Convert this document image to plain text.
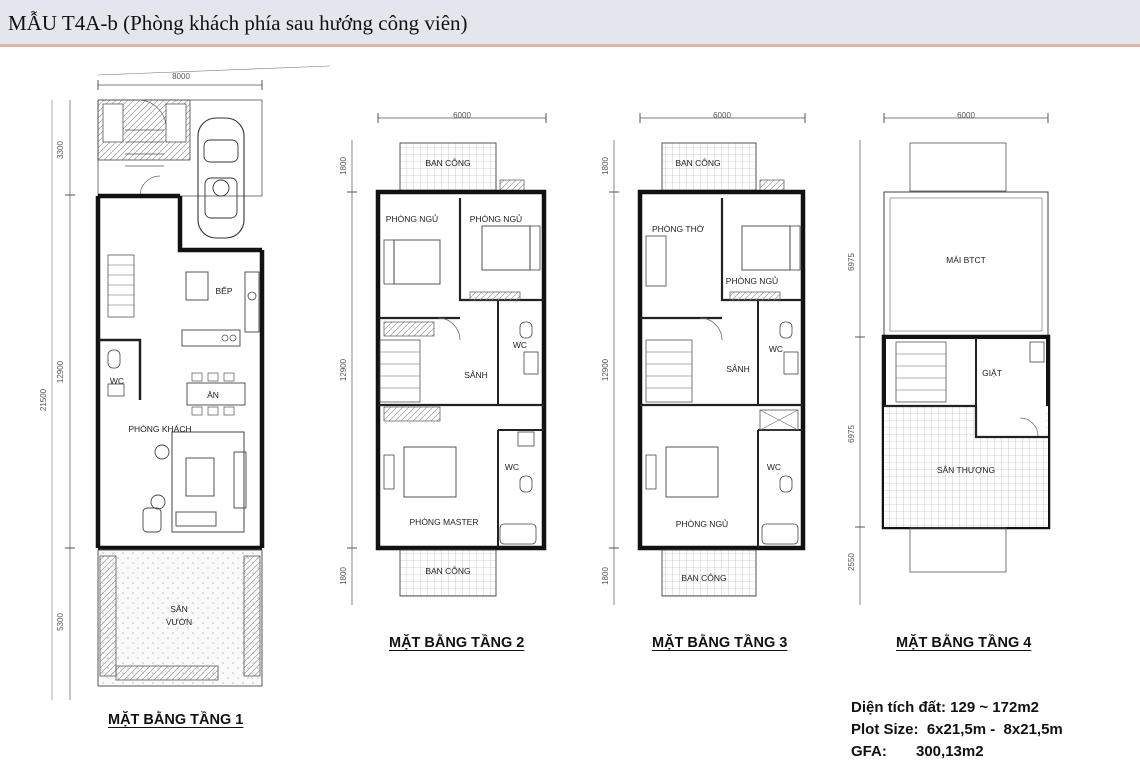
MẪU T4A-b (Phòng khách phía sau hướng công viên)
8000
3300
12900
21500
5300
BẾP
WC
ĂN
PHÒNG KHÁCH
SÂN
VƯỜN
6000
1800
12900
1800
BAN CÔNG
PHÒNG NGỦ	PHÒNG NGỦ
WC
SẢNH
WC
PHÒNG MASTER
BAN CÔNG
6000
1800
12900
1800
BAN CÔNG
PHÒNG THỜ
PHÒNG NGỦ
WC
SẢNH
WC
PHÒNG NGỦ
BAN CÔNG
6000
6975
6975
2550
MÁI BTCT
GIẶT
SÂN THƯỢNG
MẶT BẰNG TẦNG 1
MẶT BẰNG TẦNG 2	MẶT BẰNG TẦNG 3	MẶT BẰNG TẦNG 4
Diện tích đất: 129 ~ 172m2
Plot Size:  6x21,5m -  8x21,5m
GFA:       300,13m2
